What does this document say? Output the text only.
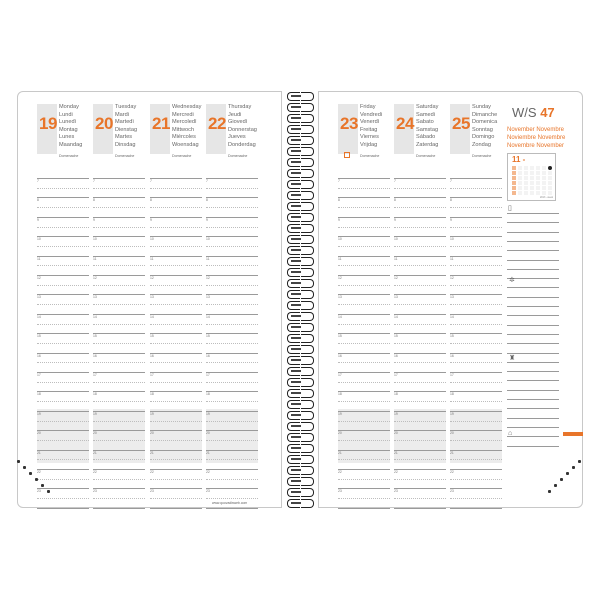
19
Monday
Lundi
Lunedì
Montag
Lunes
Maandag
Domenache
20
Tuesday
Mardi
Martedì
Dienstag
Martes
Dinsdag
Domenache
21
Wednesday
Mercredi
Mercoledì
Mittwoch
Miércoles
Woensdag
Domenache
22
Thursday
Jeudi
Giovedì
Donnerstag
Jueves
Donderdag
Domenache
23
Friday
Vendredi
Venerdì
Freitag
Viernes
Vrijdag
Domenache
24
Saturday
Samedi
Sabato
Samstag
Sábado
Zaterdag
Domenache
25
Sunday
Dimanche
Domenica
Sonntag
Domingo
Zondag
Domenache
7	7	7	7	7	7	7
8	8	8	8	8	8	8
9	9	9	9	9	9	9
10	10	10	10	10	10	10
11	11	11	11	11	11	11
12	12	12	12	12	12	12
13	13	13	13	13	13	13
14	14	14	14	14	14	14
15	15	15	15	15	15	15
16	16	16	16	16	16	16
17	17	17	17	17	17	17
18	18	18	18	18	18	18
19	19	19	19	19	19	19
20	20	20	20	20	20	20
21	21	21	21	21	21	21
22	22	22	22	22	22	22
23	23	23	23	23	23	23
W/S 47
November Novembre
Noviembre Novembre
Novembre November
11 -
2013 - week
▯
✲
♜
⌂
www.quovadisweb.com
